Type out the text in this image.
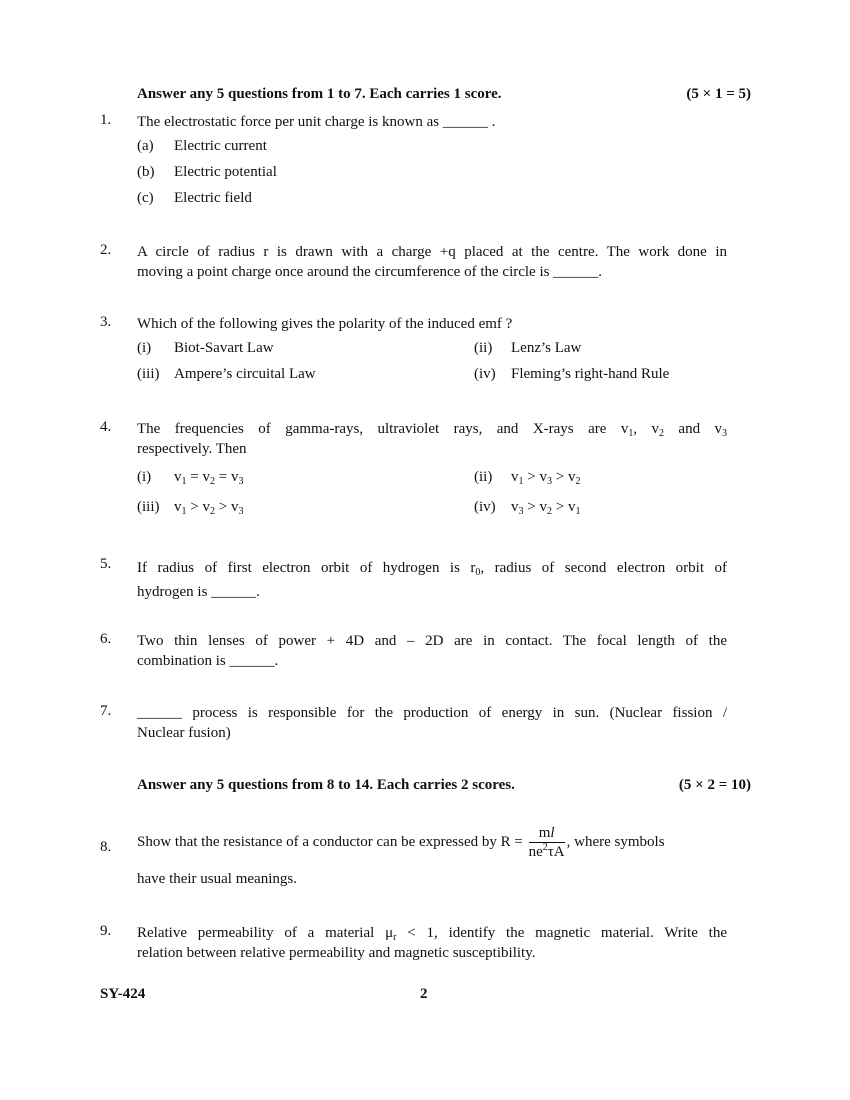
Answer any 5 questions from 1 to 7. Each carries 1 score.	(5 × 1 = 5)
1. The electrostatic force per unit charge is known as ______ .
(a) Electric current
(b) Electric potential
(c) Electric field
2. A circle of radius r is drawn with a charge +q placed at the centre. The work done in
moving a point charge once around the circumference of the circle is ______.
3. Which of the following gives the polarity of the induced emf ?
(i) Biot-Savart Law	(ii) Lenz’s Law
(iii) Ampere’s circuital Law	(iv) Fleming’s right-hand Rule
4. The frequencies of gamma-rays, ultraviolet rays, and X-rays are $v_1$, $v_2$ and $v_3$
respectively. Then
(i) $v_1 = v_2 = v_3$	(ii) $v_1 > v_3 > v_2$
(iii) $v_1 > v_2 > v_3$	(iv) $v_3 > v_2 > v_1$
5. If radius of first electron orbit of hydrogen is $r_0$, radius of second electron orbit of
hydrogen is ______.
6. Two thin lenses of power + 4D and – 2D are in contact. The focal length of the
combination is ______.
7. ______ process is responsible for the production of energy in sun. (Nuclear fission /
Nuclear fusion)
Answer any 5 questions from 8 to 14. Each carries 2 scores.	(5 × 2 = 10)
8. Show that the resistance of a conductor can be expressed by $R = \frac{ml}{ne^2\tau A}$ , where symbols
have their usual meanings.
9. Relative permeability of a material $\mu_r < 1$, identify the magnetic material. Write the
relation between relative permeability and magnetic susceptibility.
SY-424	2
